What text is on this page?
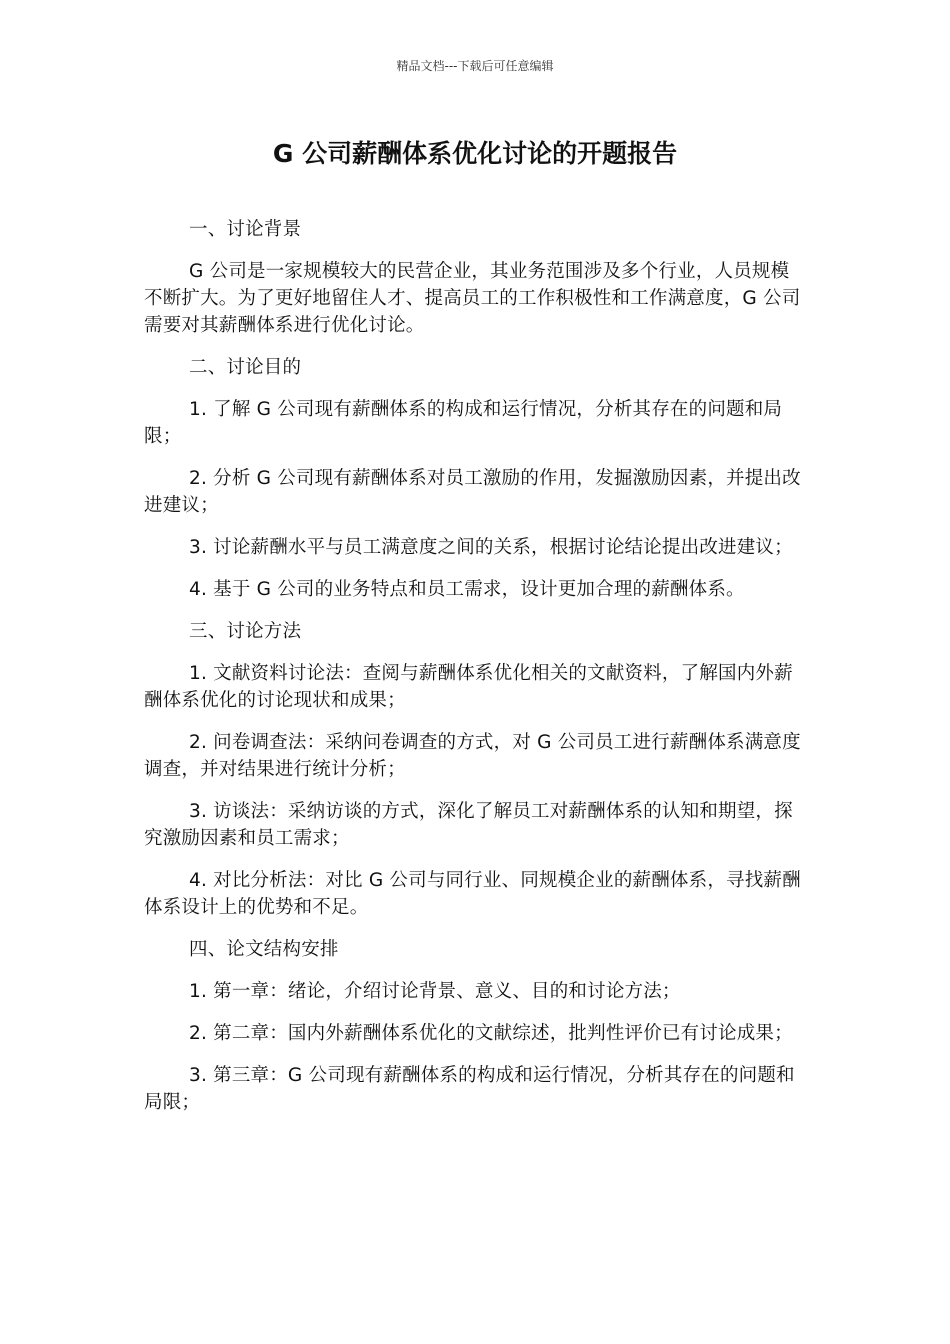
精品文档---下载后可任意编辑
G 公司薪酬体系优化讨论的开题报告

一、讨论背景

G 公司是一家规模较大的民营企业，其业务范围涉及多个行业，人员规模不断扩大。为了更好地留住人才、提高员工的工作积极性和工作满意度，G 公司需要对其薪酬体系进行优化讨论。

二、讨论目的

1. 了解 G 公司现有薪酬体系的构成和运行情况，分析其存在的问题和局限；

2. 分析 G 公司现有薪酬体系对员工激励的作用，发掘激励因素，并提出改进建议；

3. 讨论薪酬水平与员工满意度之间的关系，根据讨论结论提出改进建议；

4. 基于 G 公司的业务特点和员工需求，设计更加合理的薪酬体系。

三、讨论方法

1. 文献资料讨论法：查阅与薪酬体系优化相关的文献资料，了解国内外薪酬体系优化的讨论现状和成果；

2. 问卷调查法：采纳问卷调查的方式，对 G 公司员工进行薪酬体系满意度调查，并对结果进行统计分析；

3. 访谈法：采纳访谈的方式，深化了解员工对薪酬体系的认知和期望，探究激励因素和员工需求；

4. 对比分析法：对比 G 公司与同行业、同规模企业的薪酬体系，寻找薪酬体系设计上的优势和不足。

四、论文结构安排

1. 第一章：绪论，介绍讨论背景、意义、目的和讨论方法；

2. 第二章：国内外薪酬体系优化的文献综述，批判性评价已有讨论成果；

3. 第三章：G 公司现有薪酬体系的构成和运行情况，分析其存在的问题和局限；
